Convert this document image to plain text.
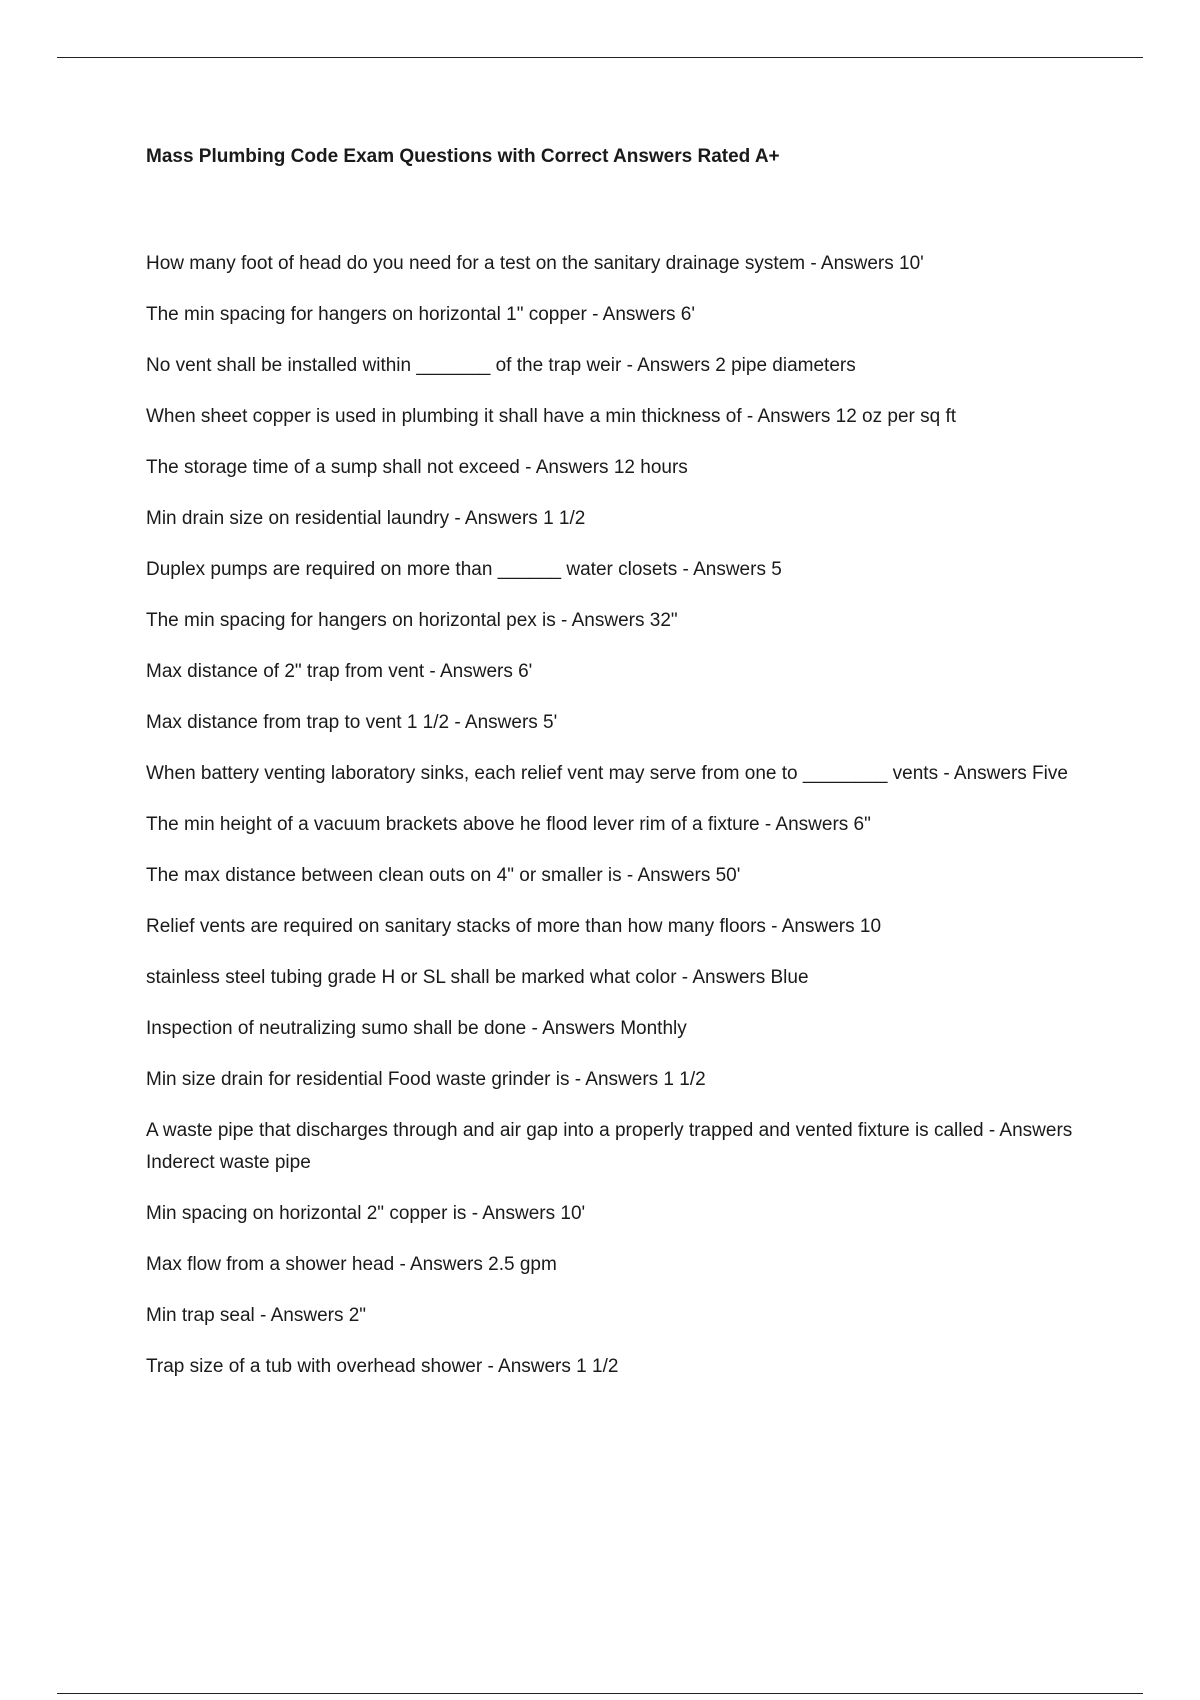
Mass Plumbing Code Exam Questions with Correct Answers Rated A+
How many foot of head do you need for a test on the sanitary drainage system - Answers 10'
The min spacing for hangers on horizontal 1" copper - Answers 6'
No vent shall be installed within _______ of the trap weir - Answers 2 pipe diameters
When sheet copper is used in plumbing it shall have a min thickness of - Answers 12 oz per sq ft
The storage time of a sump shall not exceed - Answers 12 hours
Min drain size on residential laundry - Answers 1 1/2
Duplex pumps are required on more than ______ water closets - Answers 5
The min spacing for hangers on horizontal pex is - Answers 32"
Max distance of 2" trap from vent - Answers 6'
Max distance from trap to vent 1 1/2 - Answers 5'
When battery venting laboratory sinks, each relief vent may serve from one to ________ vents - Answers Five
The min height of a vacuum brackets above he flood lever rim of a fixture - Answers 6"
The max distance between clean outs on 4" or smaller is - Answers 50'
Relief vents are required on sanitary stacks of more than how many floors - Answers 10
stainless steel tubing grade H or SL shall be marked what color - Answers Blue
Inspection of neutralizing sumo shall be done - Answers Monthly
Min size drain for residential Food waste grinder is - Answers 1 1/2
A waste pipe that discharges through and air gap into a properly trapped and vented fixture is called - Answers Inderect waste pipe
Min spacing on horizontal 2" copper is - Answers 10'
Max flow from a shower head - Answers 2.5 gpm
Min trap seal - Answers 2"
Trap size of a tub with overhead shower - Answers 1 1/2
